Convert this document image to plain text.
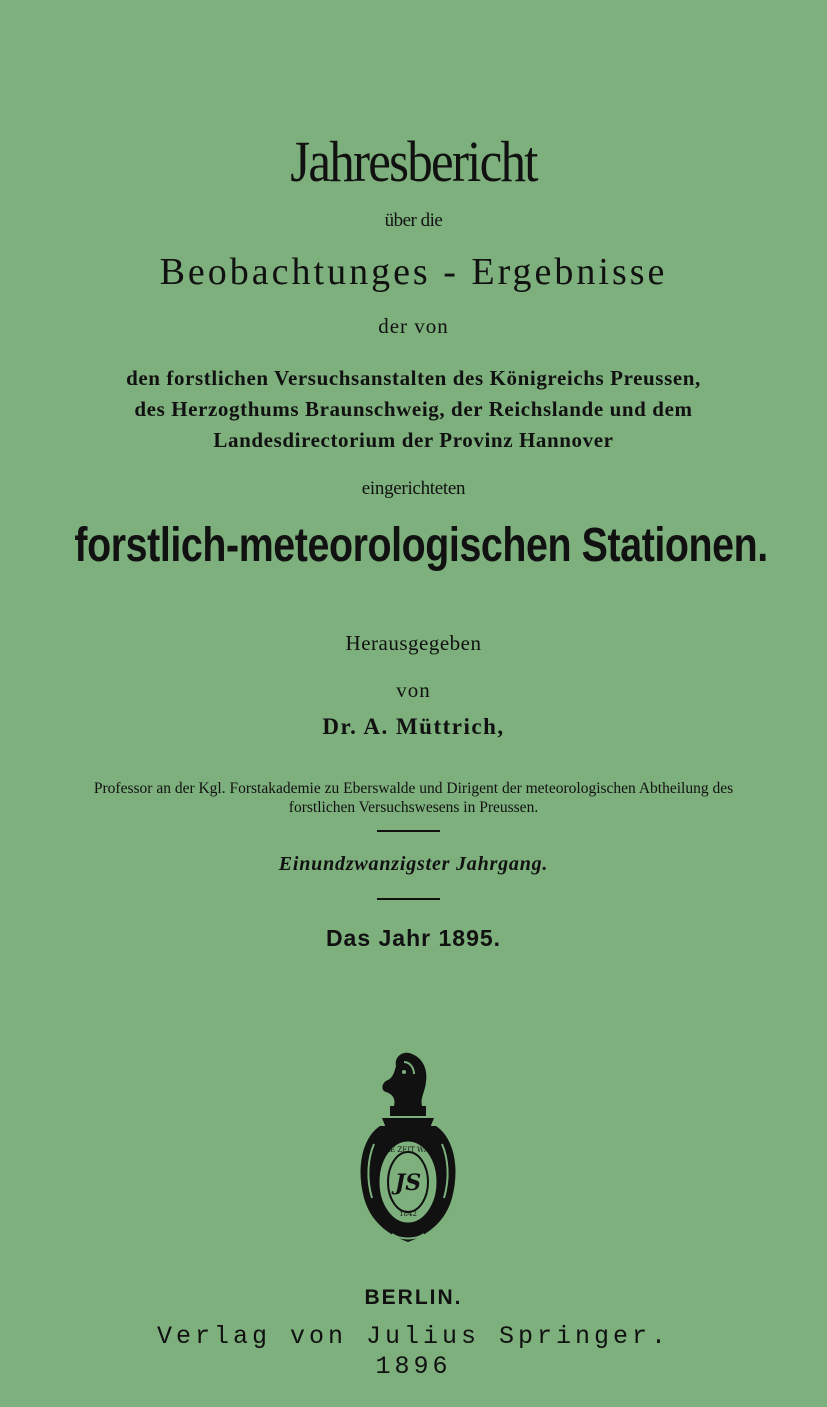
Jahresbericht
über die
Beobachtunges - Ergebnisse
der von
den forstlichen Versuchsanstalten des Königreichs Preussen,
des Herzogthums Braunschweig, der Reichslande und dem
Landesdirectorium der Provinz Hannover
eingerichteten
forstlich-meteorologischen Stationen.
Herausgegeben
von
Dr. A. Müttrich,
Professor an der Kgl. Forstakademie zu Eberswalde und Dirigent der meteorologischen Abtheilung des
forstlichen Versuchswesens in Preussen.
Einundzwanzigster Jahrgang.
Das Jahr 1895.
ALLE ZEIT WACH
1842
JS
BERLIN.
Verlag von Julius Springer.
1896
